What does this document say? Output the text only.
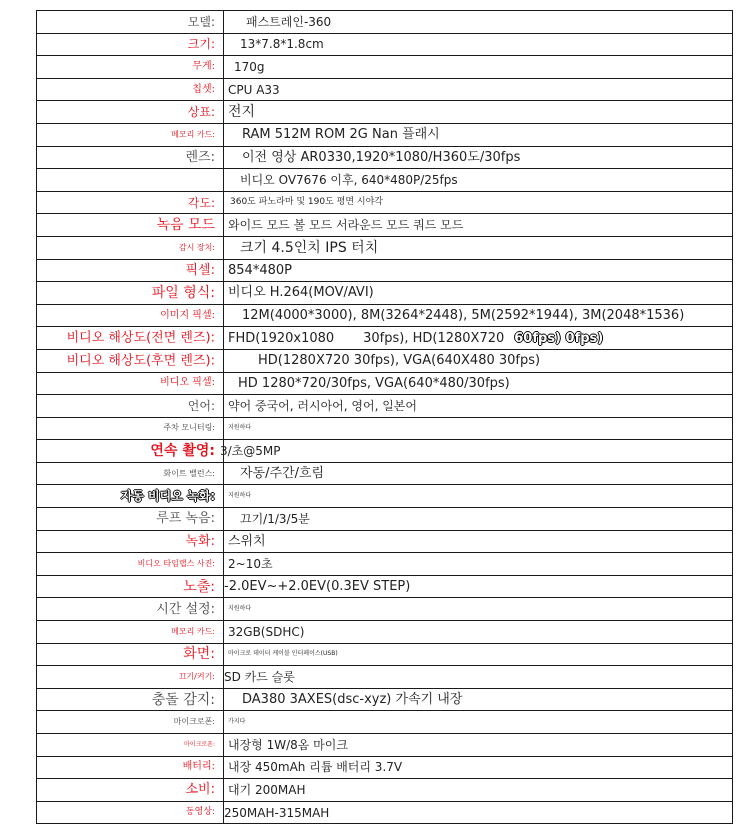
모델:	패스트레인-360
크기:	13*7.8*1.8cm
무게:	170g
칩셋:	CPU A33
상표:	전지
메모리 카드:	RAM 512M ROM 2G Nan 플래시
렌즈:	이전 영상 AR0330,1920*1080/H360도/30fps
	비디오 OV7676 이후, 640*480P/25fps
각도:	360도 파노라마 및 190도 평면 시야각
녹음 모드	와이드 모드 볼 모드 서라운드 모드 쿼드 모드
감시 장치:	크기 4.5인치 IPS 터치
픽셀:	854*480P
파일 형식:	비디오 H.264(MOV/AVI)
이미지 픽셀:	12M(4000*3000), 8M(3264*2448), 5M(2592*1944), 3M(2048*1536)

비디오 해상도(전면 렌즈):	FHD(1920x1080       30fps), HD(1280X720 60fps) 0fps)

비디오 해상도(후면 렌즈):	HD(1280X720 30fps), VGA(640X480 30fps)
비디오 픽셀:	HD 1280*720/30fps, VGA(640*480/30fps)
언어:	약어 중국어, 러시아어, 영어, 일본어
주차 모니터링:	지원하다
연속 촬영:	3/초@5MP
화이트 밸런스:	자동/주간/흐림
자동 비디오 녹화:	지원하다
루프 녹음:	끄기/1/3/5분
녹화:	스위치
비디오 타임랩스 사진:	2~10초
노출:	-2.0EV~+2.0EV(0.3EV STEP)
시간 설정:	지원하다
메모리 카드:	32GB(SDHC)
화면:	마이크로 데이터 케이블 인터페이스(USB)
끄기/켜기:	SD 카드 슬롯
충돌 감지:	DA380 3AXES(dsc-xyz) 가속기 내장
마이크로폰:	가지다
마이크로폰:	내장형 1W/8옴 마이크
배터리:	내장 450mAh 리튬 배터리 3.7V
소비:	대기 200MAH
동영상:	250MAH-315MAH
